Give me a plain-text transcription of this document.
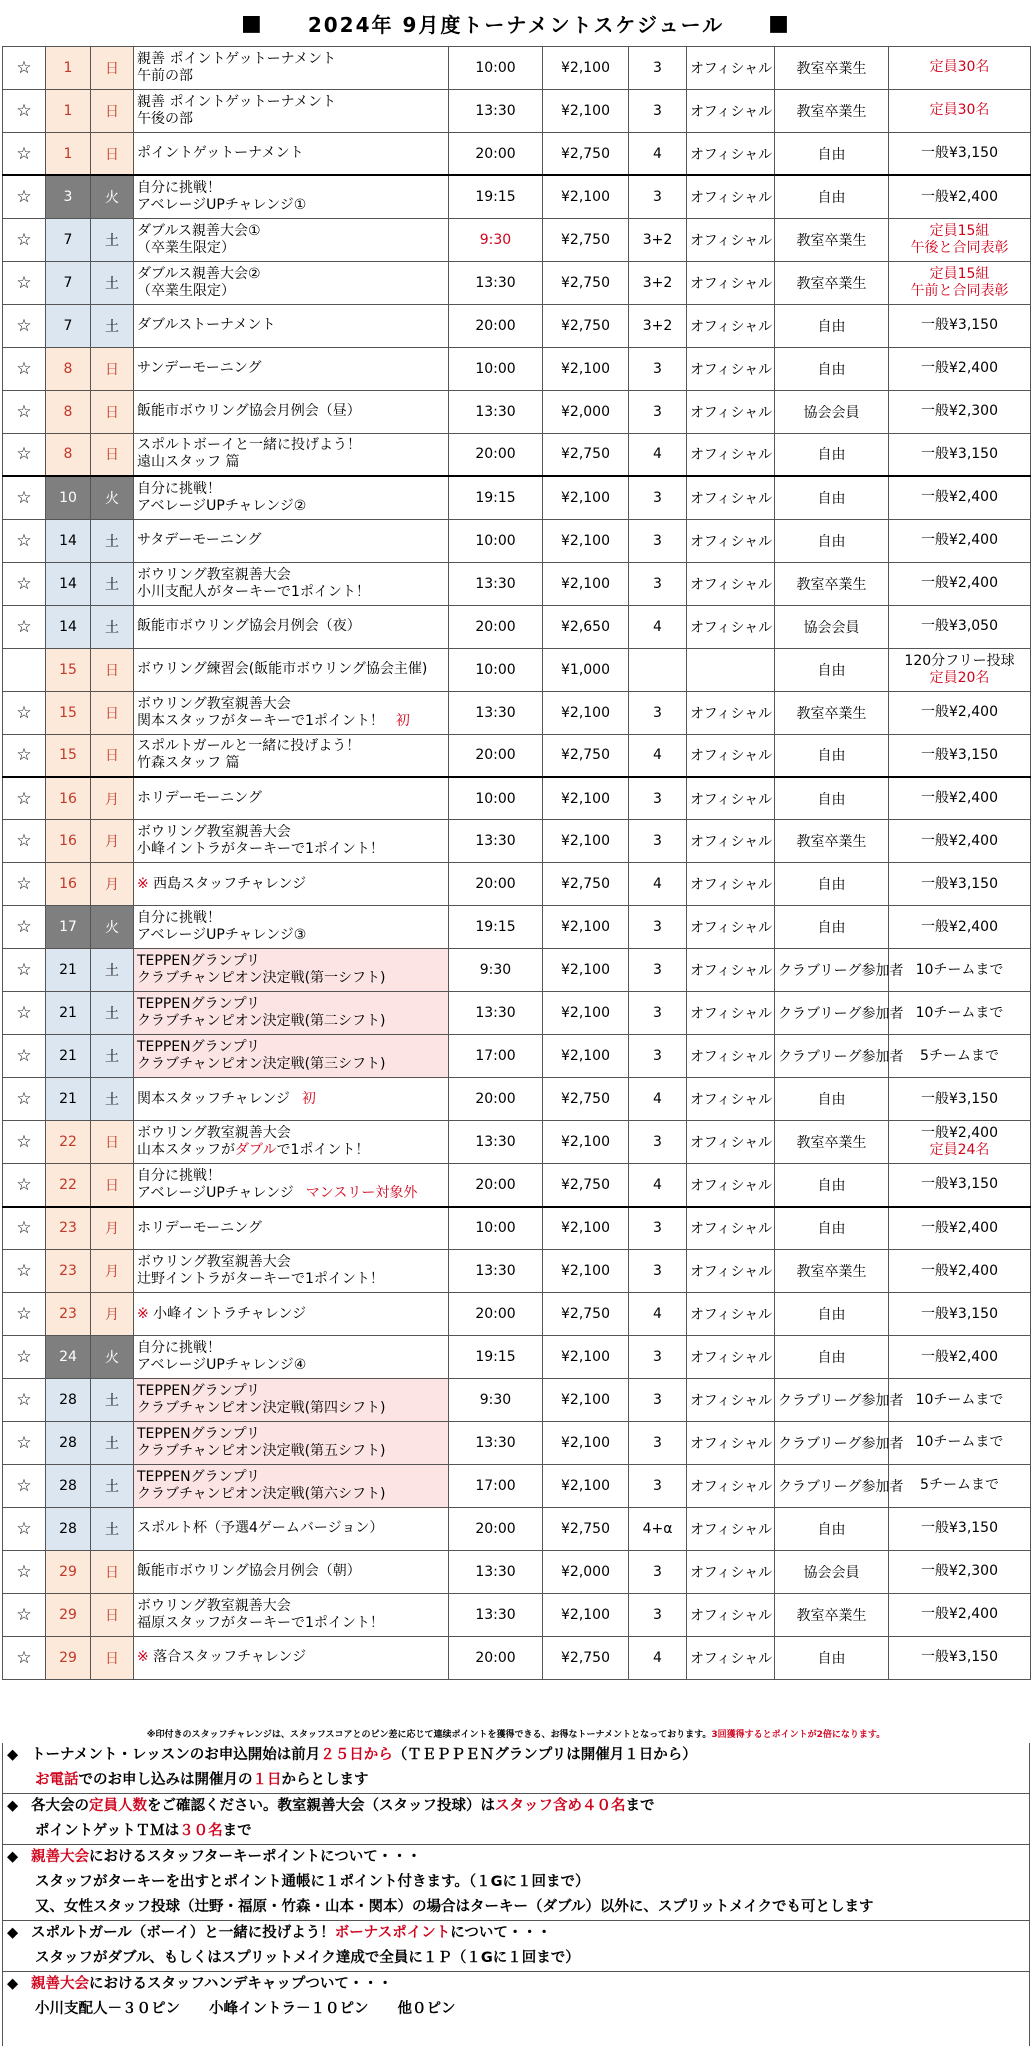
■ 2024年 9月度トーナメントスケジュール ■
☆	1	日	親善 ポイントゲットーナメント
午前の部	10:00	¥2,100	3	オフィシャル	教室卒業生	定員30名

☆	1	日	親善 ポイントゲットーナメント
午後の部	13:30	¥2,100	3	オフィシャル	教室卒業生	定員30名

☆	1	日	ポイントゲットーナメント	20:00	¥2,750	4	オフィシャル	自由	一般¥3,150

☆	3	火	自分に挑戦！
アベレージUPチャレンジ①	19:15	¥2,100	3	オフィシャル	自由	一般¥2,400

☆	7	土	ダブルス親善大会①
（卒業生限定）	9:30	¥2,750	3+2	オフィシャル	教室卒業生	定員15組
午後と合同表彰

☆	7	土	ダブルス親善大会②
（卒業生限定）	13:30	¥2,750	3+2	オフィシャル	教室卒業生	定員15組
午前と合同表彰

☆	7	土	ダブルストーナメント	20:00	¥2,750	3+2	オフィシャル	自由	一般¥3,150

☆	8	日	サンデーモーニング	10:00	¥2,100	3	オフィシャル	自由	一般¥2,400

☆	8	日	飯能市ボウリング協会月例会（昼）	13:30	¥2,000	3	オフィシャル	協会会員	一般¥2,300

☆	8	日	スポルトボーイと一緒に投げよう！
遠山スタッフ 篇	20:00	¥2,750	4	オフィシャル	自由	一般¥3,150

☆	10	火	自分に挑戦！
アベレージUPチャレンジ②	19:15	¥2,100	3	オフィシャル	自由	一般¥2,400

☆	14	土	サタデーモーニング	10:00	¥2,100	3	オフィシャル	自由	一般¥2,400

☆	14	土	ボウリング教室親善大会
小川支配人がターキーで1ポイント！	13:30	¥2,100	3	オフィシャル	教室卒業生	一般¥2,400

☆	14	土	飯能市ボウリング協会月例会（夜）	20:00	¥2,650	4	オフィシャル	協会会員	一般¥3,050

	15	日	ボウリング練習会(飯能市ボウリング協会主催)	10:00	¥1,000			自由	120分フリー投球
定員20名

☆	15	日	ボウリング教室親善大会
関本スタッフがターキーで1ポイント！ 初	13:30	¥2,100	3	オフィシャル	教室卒業生	一般¥2,400

☆	15	日	スポルトガールと一緒に投げよう！
竹森スタッフ 篇	20:00	¥2,750	4	オフィシャル	自由	一般¥3,150

☆	16	月	ホリデーモーニング	10:00	¥2,100	3	オフィシャル	自由	一般¥2,400

☆	16	月	ボウリング教室親善大会
小峰イントラがターキーで1ポイント！	13:30	¥2,100	3	オフィシャル	教室卒業生	一般¥2,400

☆	16	月	※ 西島スタッフチャレンジ	20:00	¥2,750	4	オフィシャル	自由	一般¥3,150

☆	17	火	自分に挑戦！
アベレージUPチャレンジ③	19:15	¥2,100	3	オフィシャル	自由	一般¥2,400

☆	21	土	TEPPENグランプリ
クラブチャンピオン決定戦(第一シフト)	9:30	¥2,100	3	オフィシャル	クラブリーグ参加者	10チームまで

☆	21	土	TEPPENグランプリ
クラブチャンピオン決定戦(第二シフト)	13:30	¥2,100	3	オフィシャル	クラブリーグ参加者	10チームまで

☆	21	土	TEPPENグランプリ
クラブチャンピオン決定戦(第三シフト)	17:00	¥2,100	3	オフィシャル	クラブリーグ参加者	5チームまで

☆	21	土	関本スタッフチャレンジ 初	20:00	¥2,750	4	オフィシャル	自由	一般¥3,150

☆	22	日	ボウリング教室親善大会
山本スタッフがダブルで1ポイント！	13:30	¥2,100	3	オフィシャル	教室卒業生	一般¥2,400
定員24名

☆	22	日	自分に挑戦！
アベレージUPチャレンジ マンスリー対象外	20:00	¥2,750	4	オフィシャル	自由	一般¥3,150

☆	23	月	ホリデーモーニング	10:00	¥2,100	3	オフィシャル	自由	一般¥2,400

☆	23	月	ボウリング教室親善大会
辻野イントラがターキーで1ポイント！	13:30	¥2,100	3	オフィシャル	教室卒業生	一般¥2,400

☆	23	月	※ 小峰イントラチャレンジ	20:00	¥2,750	4	オフィシャル	自由	一般¥3,150

☆	24	火	自分に挑戦！
アベレージUPチャレンジ④	19:15	¥2,100	3	オフィシャル	自由	一般¥2,400

☆	28	土	TEPPENグランプリ
クラブチャンピオン決定戦(第四シフト)	9:30	¥2,100	3	オフィシャル	クラブリーグ参加者	10チームまで

☆	28	土	TEPPENグランプリ
クラブチャンピオン決定戦(第五シフト)	13:30	¥2,100	3	オフィシャル	クラブリーグ参加者	10チームまで

☆	28	土	TEPPENグランプリ
クラブチャンピオン決定戦(第六シフト)	17:00	¥2,100	3	オフィシャル	クラブリーグ参加者	5チームまで

☆	28	土	スポルト杯（予選4ゲームバージョン）	20:00	¥2,750	4+α	オフィシャル	自由	一般¥3,150

☆	29	日	飯能市ボウリング協会月例会（朝）	13:30	¥2,000	3	オフィシャル	協会会員	一般¥2,300

☆	29	日	ボウリング教室親善大会
福原スタッフがターキーで1ポイント！	13:30	¥2,100	3	オフィシャル	教室卒業生	一般¥2,400

☆	29	日	※ 落合スタッフチャレンジ	20:00	¥2,750	4	オフィシャル	自由	一般¥3,150
※印付きのスタッフチャレンジは、スタッフスコアとのピン差に応じて連续ポイントを獲得できる、お得なトーナメントとなっております。3回獲得するとポイントが2倍になります。
◆ トーナメント・レッスンのお申込開始は前月２５日から（ＴＥＰＰＥＮグランプリは開催月１日から）
お電話でのお申し込みは開催月の１日からとします
◆ 各大会の定員人数をご確認ください。教室親善大会（スタッフ投球）はスタッフ含め４０名まで
ポイントゲットＴＭは３０名まで
◆ 親善大会におけるスタッフターキーポイントについて・・・
スタッフがターキーを出すとポイント通帳に１ポイント付きます。（１Gに１回まで）
又、女性スタッフ投球（辻野・福原・竹森・山本・関本）の場合はターキー（ダブル）以外に、スプリットメイクでも可とします
◆ スポルトガール（ボーイ）と一緒に投げよう！ボーナスポイントについて・・・
スタッフがダブル、もしくはスプリットメイク達成で全員に１Ｐ（１Gに１回まで）
◆ 親善大会におけるスタッフハンデキャップついて・・・
小川支配人－３０ピン　　小峰イントラ－１０ピン　　他０ピン
